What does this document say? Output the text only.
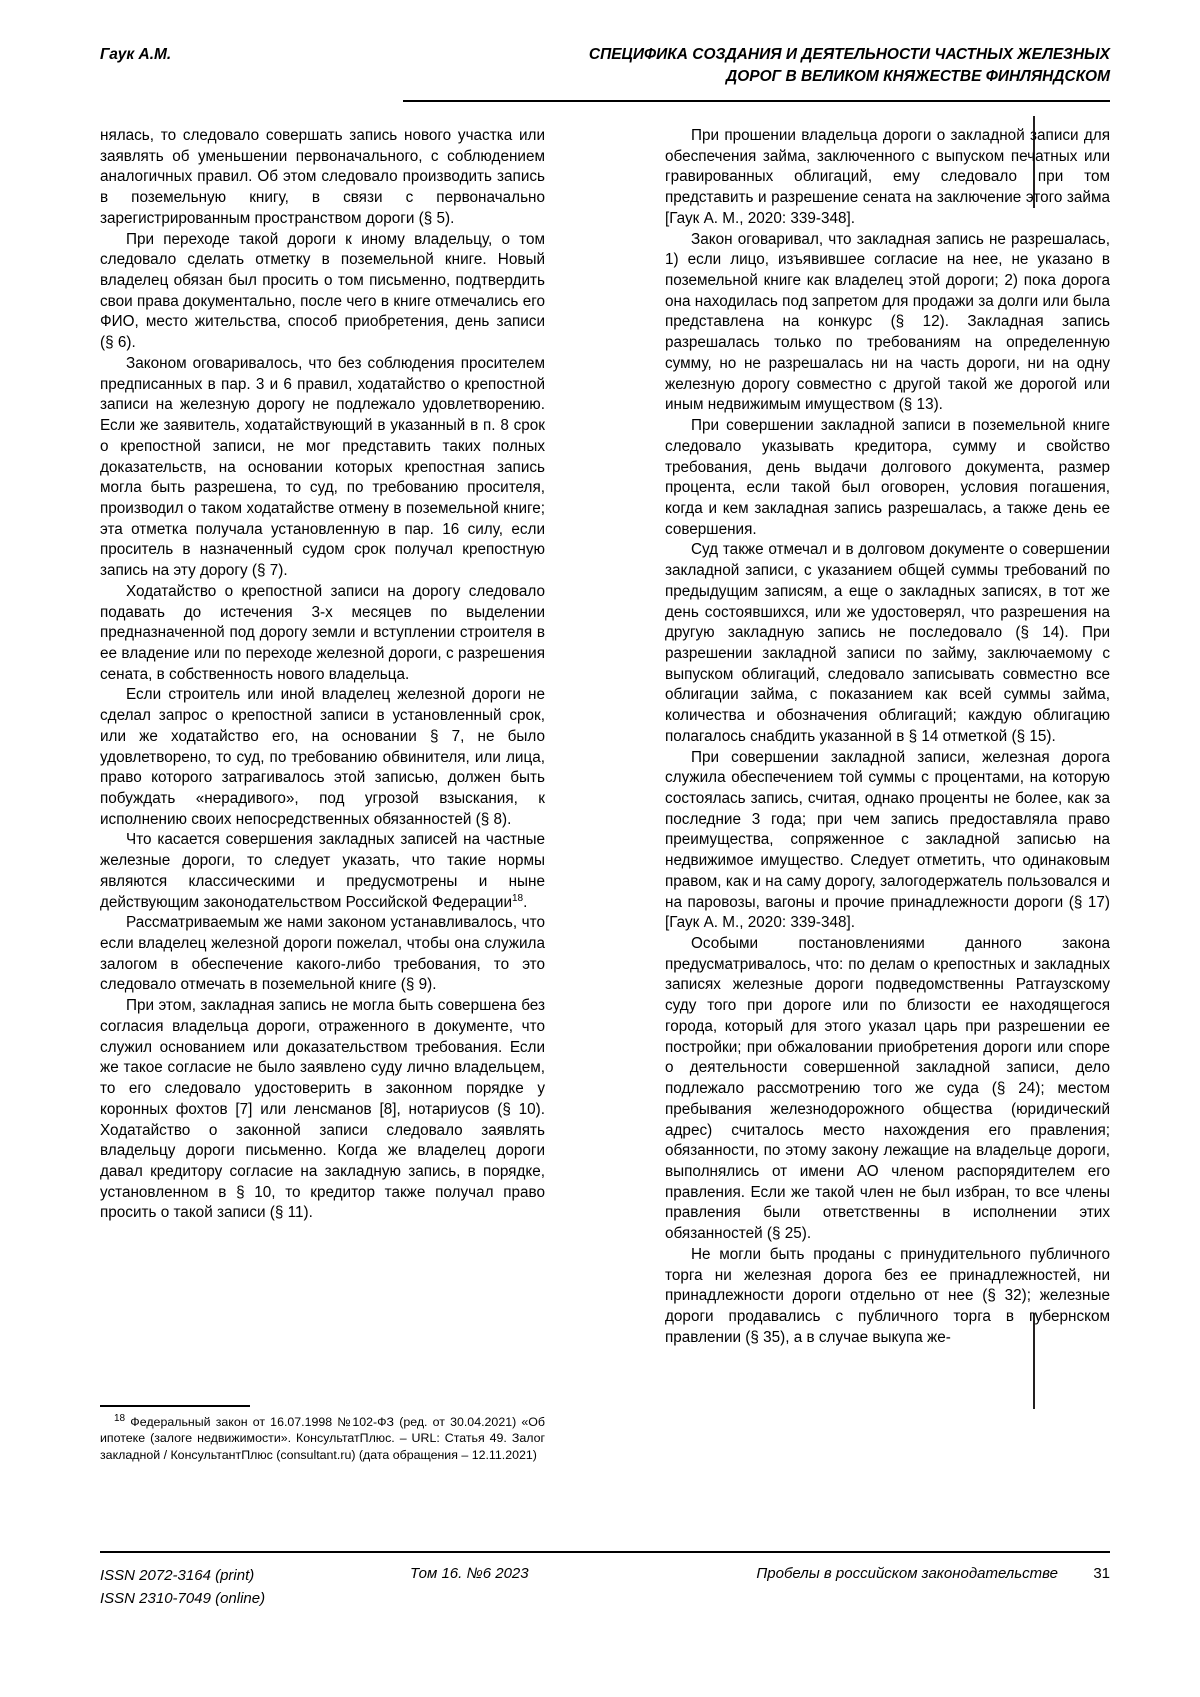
Гаук А.М.	СПЕЦИФИКА СОЗДАНИЯ И ДЕЯТЕЛЬНОСТИ ЧАСТНЫХ ЖЕЛЕЗНЫХ
ДОРОГ В ВЕЛИКОМ КНЯЖЕСТВЕ ФИНЛЯНДСКОМ

нялась, то следовало совершать запись нового участка или заявлять об уменьшении первоначального, с соблюдением аналогичных правил. Об этом следовало производить запись в поземельную книгу, в связи с первоначально зарегистрированным пространством дороги (§ 5).

При переходе такой дороги к иному владельцу, о том следовало сделать отметку в поземельной книге. Новый владелец обязан был просить о том письменно, подтвердить свои права документально, после чего в книге отмечались его ФИО, место жительства, способ приобретения, день записи (§ 6).

Законом оговаривалось, что без соблюдения просителем предписанных в пар. 3 и 6 правил, ходатайство о крепостной записи на железную дорогу не подлежало удовлетворению. Если же заявитель, ходатайствующий в указанный в п. 8 срок о крепостной записи, не мог представить таких полных доказательств, на основании которых крепостная запись могла быть разрешена, то суд, по требованию просителя, производил о таком ходатайстве отмену в поземельной книге; эта отметка получала установленную в пар. 16 силу, если проситель в назначенный судом срок получал крепостную запись на эту дорогу (§ 7).

Ходатайство о крепостной записи на дорогу следовало подавать до истечения 3-х месяцев по выделении предназначенной под дорогу земли и вступлении строителя в ее владение или по переходе железной дороги, с разрешения сената, в собственность нового владельца.

Если строитель или иной владелец железной дороги не сделал запрос о крепостной записи в установленный срок, или же ходатайство его, на основании § 7, не было удовлетворено, то суд, по требованию обвинителя, или лица, право которого затрагивалось этой записью, должен быть побуждать «нерадивого», под угрозой взыскания, к исполнению своих непосредственных обязанностей (§ 8).

Что касается совершения закладных записей на частные железные дороги, то следует указать, что такие нормы являются классическими и предусмотрены и ныне действующим законодательством Российской Федерации$^{18}$.

Рассматриваемым же нами законом устанавливалось, что если владелец железной дороги пожелал, чтобы она служила залогом в обеспечение какого-либо требования, то это следовало отмечать в поземельной книге (§ 9).

При этом, закладная запись не могла быть совершена без согласия владельца дороги, отраженного в документе, что служил основанием или доказательством требования. Если же такое согласие не было заявлено суду лично владельцем, то его следовало удостоверить в законном порядке у коронных фохтов [7] или ленсманов [8], нотариусов (§ 10). Ходатайство о законной записи следовало заявлять владельцу дороги письменно. Когда же владелец дороги давал кредитору согласие на закладную запись, в порядке, установленном в § 10, то кредитор также получал право просить о такой записи (§ 11).

При прошении владельца дороги о закладной записи для обеспечения займа, заключенного с выпуском печатных или гравированных облигаций, ему следовало при том представить и разрешение сената на заключение этого займа [Гаук А. М., 2020: 339-348].

Закон оговаривал, что закладная запись не разрешалась, 1) если лицо, изъявившее согласие на нее, не указано в поземельной книге как владелец этой дороги; 2) пока дорога она находилась под запретом для продажи за долги или была представлена на конкурс (§ 12). Закладная запись разрешалась только по требованиям на определенную сумму, но не разрешалась ни на часть дороги, ни на одну железную дорогу совместно с другой такой же дорогой или иным недвижимым имуществом (§ 13).

При совершении закладной записи в поземельной книге следовало указывать кредитора, сумму и свойство требования, день выдачи долгового документа, размер процента, если такой был оговорен, условия погашения, когда и кем закладная запись разрешалась, а также день ее совершения.

Суд также отмечал и в долговом документе о совершении закладной записи, с указанием общей суммы требований по предыдущим записям, а еще о закладных записях, в тот же день состоявшихся, или же удостоверял, что разрешения на другую закладную запись не последовало (§ 14). При разрешении закладной записи по займу, заключаемому с выпуском облигаций, следовало записывать совместно все облигации займа, с показанием как всей суммы займа, количества и обозначения облигаций; каждую облигацию полагалось снабдить указанной в § 14 отметкой (§ 15).

При совершении закладной записи, железная дорога служила обеспечением той суммы с процентами, на которую состоялась запись, считая, однако проценты не более, как за последние 3 года; при чем запись предоставляла право преимущества, сопряженное с закладной записью на недвижимое имущество. Следует отметить, что одинаковым правом, как и на саму дорогу, залогодержатель пользовался и на паровозы, вагоны и прочие принадлежности дороги (§ 17) [Гаук А. М., 2020: 339-348].

Особыми постановлениями данного закона предусматривалось, что: по делам о крепостных и закладных записях железные дороги подведомственны Ратгаузскому суду того при дороге или по близости ее находящегося города, который для этого указал царь при разрешении ее постройки; при обжаловании приобретения дороги или споре о деятельности совершенной закладной записи, дело подлежало рассмотрению того же суда (§ 24); местом пребывания железнодорожного общества (юридический адрес) считалось место нахождения его правления; обязанности, по этому закону лежащие на владельце дороги, выполнялись от имени АО членом распорядителем его правления. Если же такой член не был избран, то все члены правления были ответственны в исполнении этих обязанностей (§ 25).

Не могли быть проданы с принудительного публичного торга ни железная дорога без ее принадлежностей, ни принадлежности дороги отдельно от нее (§ 32); железные дороги продавались с публичного торга в губернском правлении (§ 35), а в случае выкупа же-

$^{18}$ Федеральный закон от 16.07.1998 №102-ФЗ (ред. от 30.04.2021) «Об ипотеке (залоге недвижимости». КонсультатПлюс. – URL: Статья 49. Залог закладной / КонсультантПлюс (consultant.ru) (дата обращения – 12.11.2021)

ISSN 2072-3164 (print)
ISSN 2310-7049 (online)
Том 16. №6 2023	Пробелы в российском законодательстве	31
